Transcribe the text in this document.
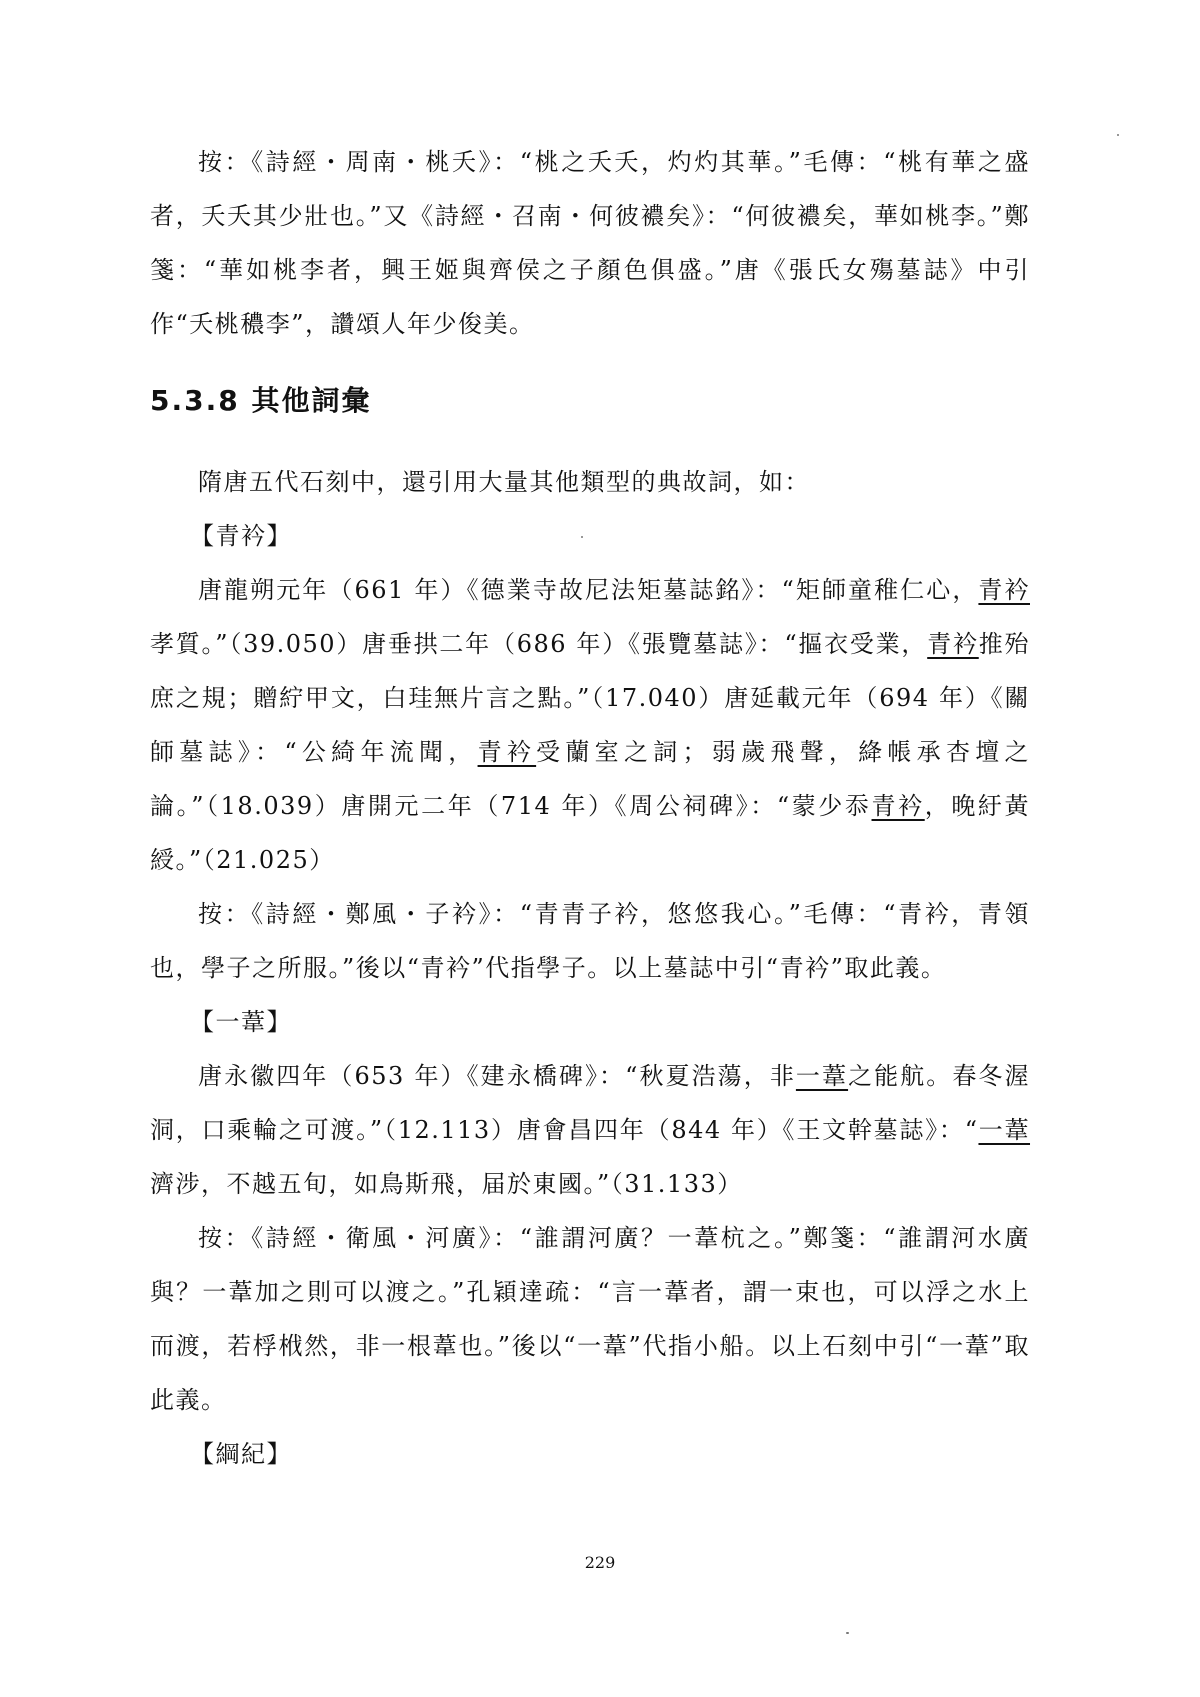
按：《詩經・周南・桃夭》：“桃之夭夭，灼灼其華。”毛傳：“桃有華之盛者，夭夭其少壯也。”又《詩經・召南・何彼襛矣》：“何彼襛矣，華如桃李。”鄭箋：“華如桃李者，興王姬與齊侯之子顏色俱盛。”唐《張氏女殤墓誌》中引作“夭桃穠李”，讚頌人年少俊美。

5.3.8 其他詞彙

隋唐五代石刻中，還引用大量其他類型的典故詞，如：

【青衿】

唐龍朔元年（661 年）《德業寺故尼法矩墓誌銘》：“矩師童稚仁心，青衿孝質。”（39.050）唐垂拱二年（686 年）《張覽墓誌》：“摳衣受業，青衿推殆庶之規；贈紵甲文，白珪無片言之點。”（17.040）唐延載元年（694 年）《關師墓誌》：“公綺年流聞，青衿受蘭室之詞；弱歲飛聲，絳帳承杏壇之論。”（18.039）唐開元二年（714 年）《周公祠碑》：“蒙少忝青衿，晚紆黃綬。”（21.025）

按：《詩經・鄭風・子衿》：“青青子衿，悠悠我心。”毛傳：“青衿，青領也，學子之所服。”後以“青衿”代指學子。以上墓誌中引“青衿”取此義。

【一葦】

唐永徽四年（653 年）《建永橋碑》：“秋夏浩蕩，非一葦之能航。春冬渥洞，口乘輪之可渡。”（12.113）唐會昌四年（844 年）《王文幹墓誌》：“一葦濟涉，不越五旬，如鳥斯飛，届於東國。”（31.133）

按：《詩經・衛風・河廣》：“誰謂河廣？一葦杭之。”鄭箋：“誰謂河水廣與？一葦加之則可以渡之。”孔穎達疏：“言一葦者，謂一束也，可以浮之水上而渡，若桴栰然，非一根葦也。”後以“一葦”代指小船。以上石刻中引“一葦”取此義。

【綱紀】

229
